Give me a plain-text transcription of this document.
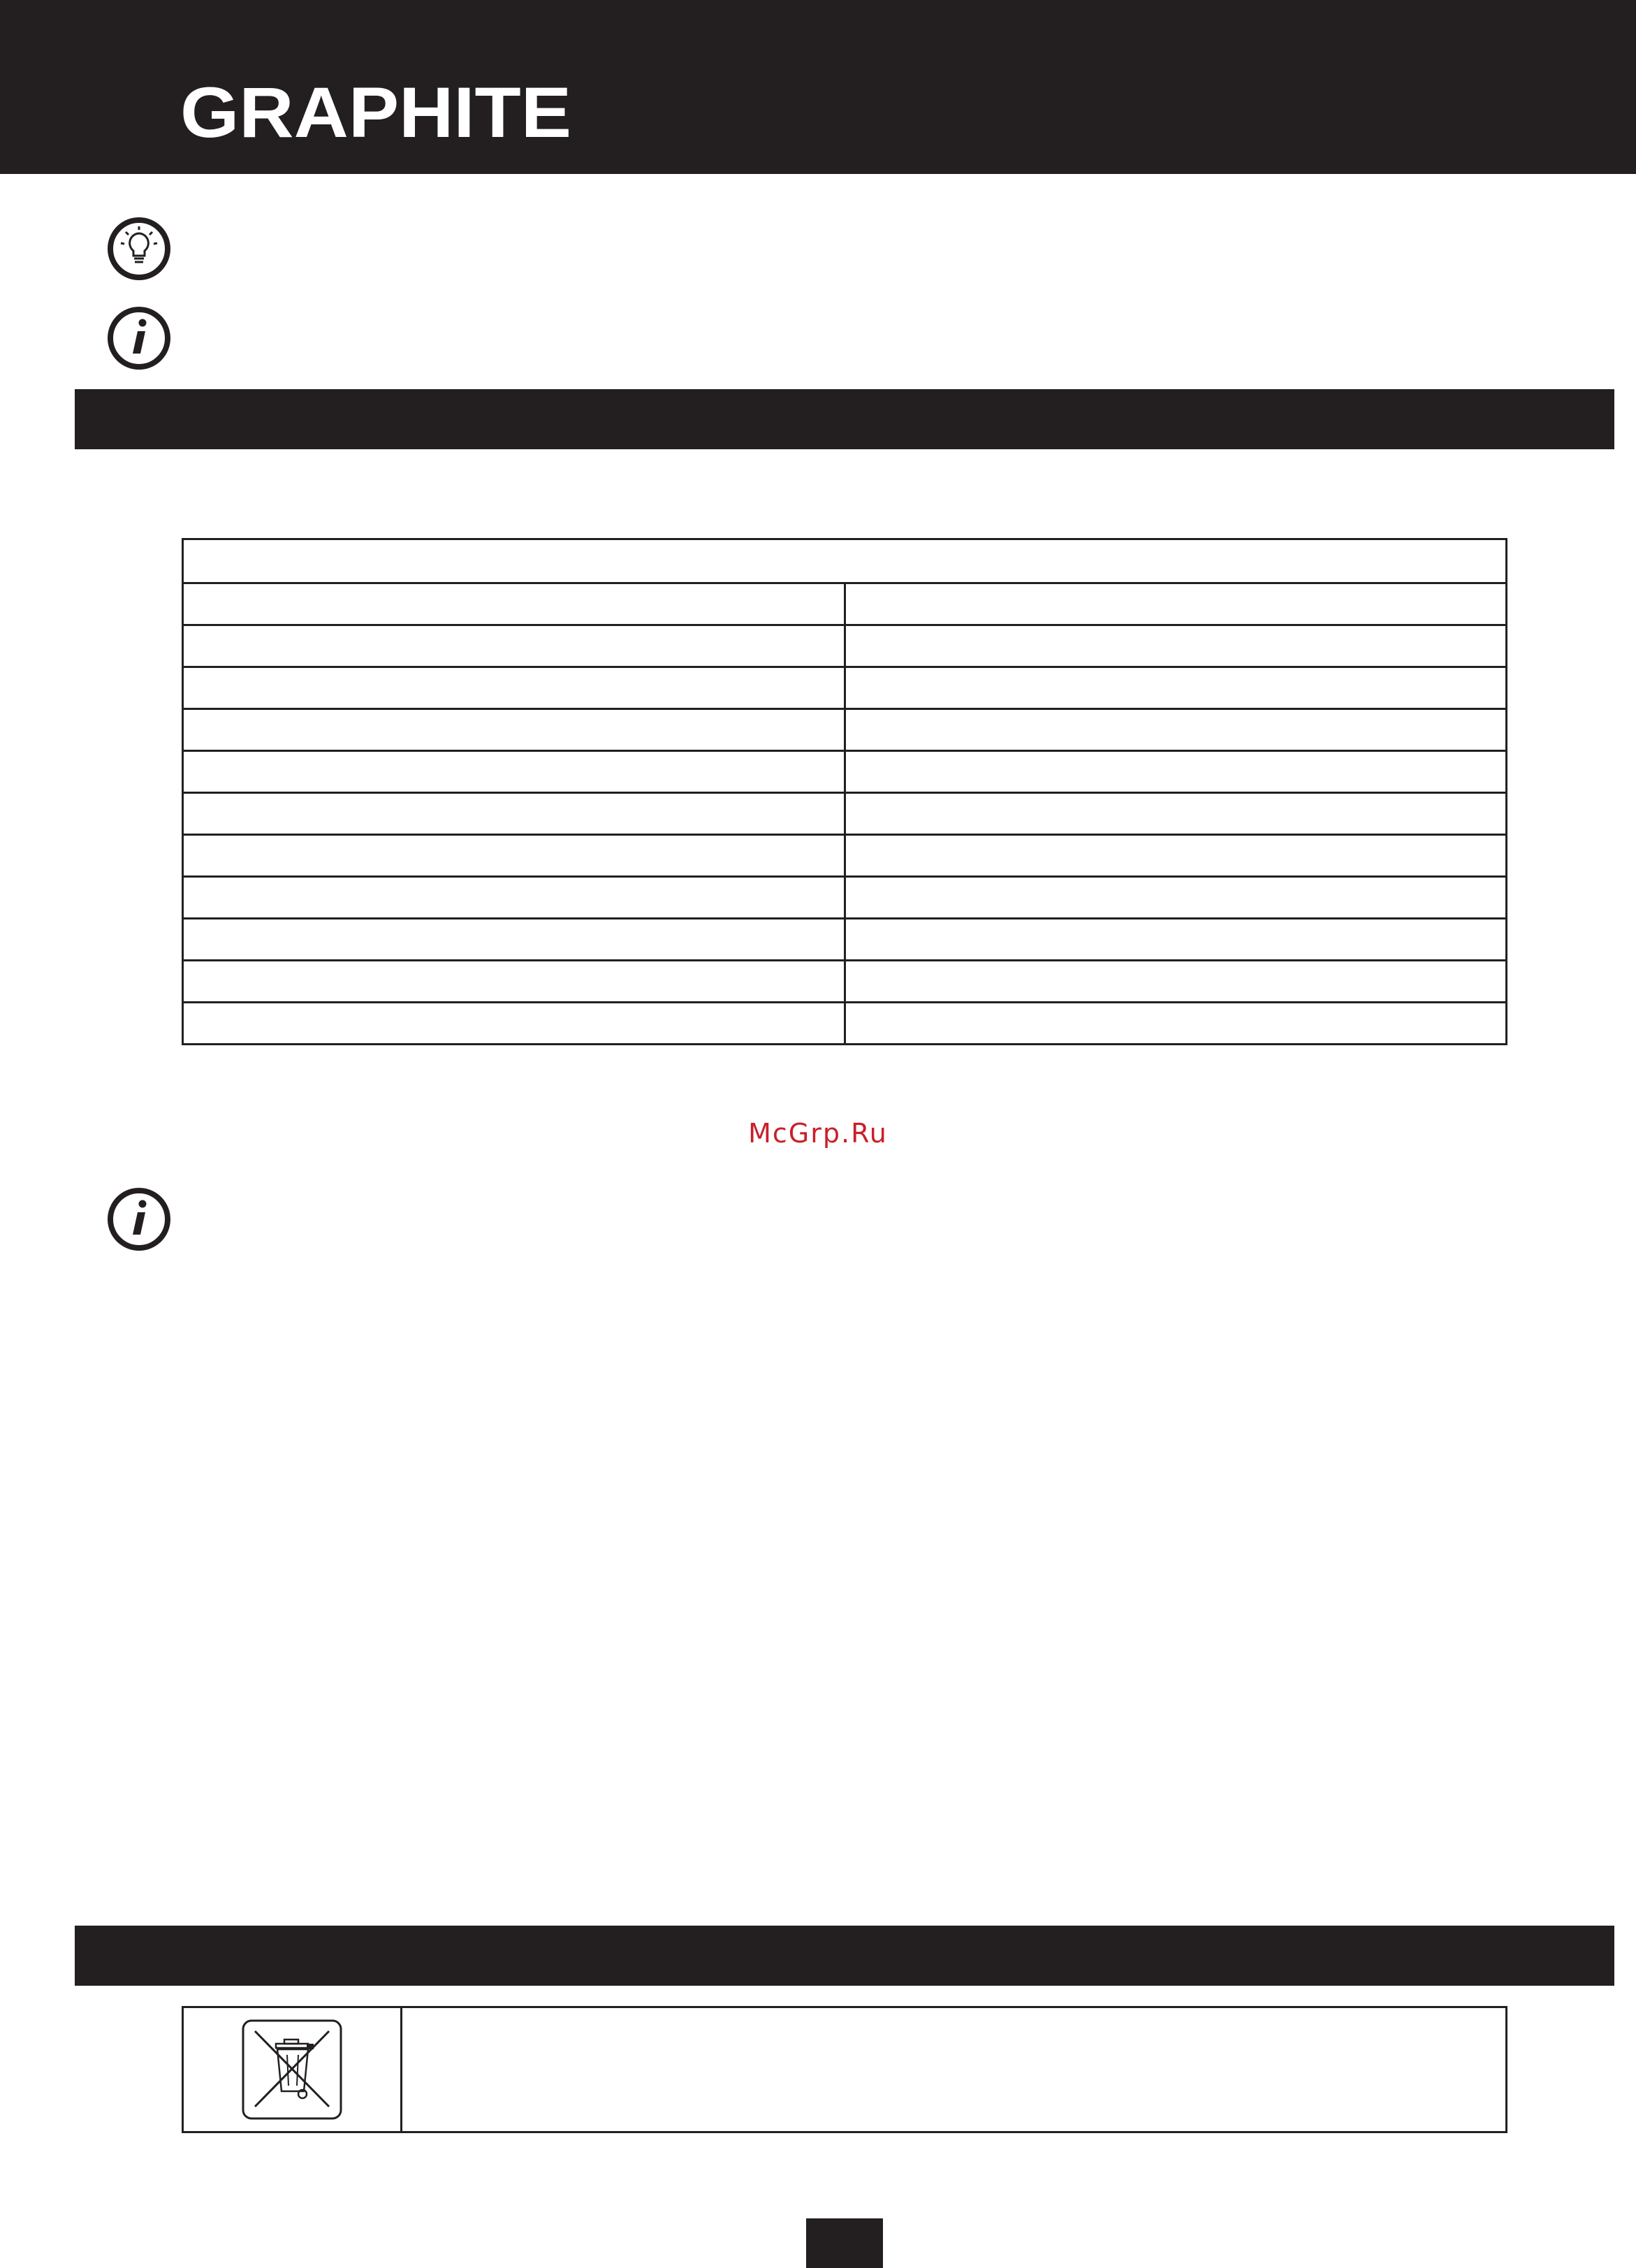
GRAPHITE

McGrp.Ru
